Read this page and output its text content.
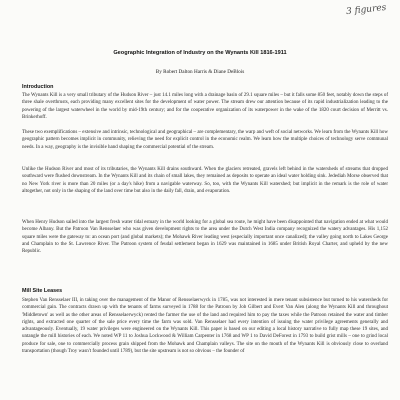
3 figures
Geographic Integration of Industry on the Wynants Kill 1816-1911
By Robert Dalton Harris & Diane DeBlois
Introduction
The Wynants Kill is a very small tributary of the Hudson River – just 14.1 miles long with a drainage basin of 29.1 square miles – but it falls some 850 feet, notably down the steps of three shale overthrusts, each providing many excellent sites for the development of water power. The stream drew our attention because of its rapid industrialization leading to the powering of the largest waterwheel in the world by mid-19th century; and for the cooperative organization of its waterpower in the wake of the 1820 court decision of Merritt vs. Brinkerhoff.
These two exemplifications – extensive and intrinsic, technological and geographical – are complementary, the warp and weft of social networks. We learn from the Wynants Kill how geographic pattern becomes implicit in community, relieving the need for explicit control in the economic realm. We learn how the multiple choices of technology serve communal needs. In a way, geography is the invisible hand shaping the commercial potential of the stream.
Unlike the Hudson River and most of its tributaries, the Wynants Kill drains southward. When the glaciers retreated, gravels left behind in the watersheds of streams that dropped southward were flushed downstream. In the Wynants Kill and its chain of small lakes, they remained as deposits to operate an ideal water holding sink. Jedediah Morse observed that no New York river is more than 20 miles (or a day's hike) from a navigable waterway. So, too, with the Wynants Kill watershed; but implicit in the remark is the role of water altogether, not only in the shaping of the land over time but also in the daily fall, drain, and evaporation.
When Henry Hudson sailed into the largest fresh water tidal estuary in the world looking for a global sea route, he might have been disappointed that navigation ended at what would become Albany. But the Patroon Van Rensselaer who was given development rights to the area under the Dutch West India company recognized the watery advantages. His 1,152 square miles were the gateway to: an ocean port (and global markets); the Mohawk River leading west (especially important once canalized); the valley going north to Lakes George and Champlain to the St. Lawrence River. The Patroon system of feudal settlement began in 1629 was maintained in 1685 under British Royal Charter, and upheld by the new Republic.
Mill Site Leases
Stephen Van Rensselaer III, in taking over the management of the Manor of Rensselaerwyck in 1785, was not interested in mere tenant subsistence but turned to his watersheds for commercial gain. The contracts drawn up with the tenants of farms surveyed in 1788 for the Patroon by Job Gilbert and Evert Van Alen (along the Wynants Kill and throughout 'Middletown' as well as the other areas of Rensselaerwyck) rented the farmer the use of the land and required him to pay the taxes while the Patroon retained the water and timber rights, and extracted one quarter of the sale price every time the farm was sold. Van Rensselaer had every intention of issuing the water privilege agreements generally and advantageously. Eventually, 19 water privileges were engineered on the Wynants Kill. This paper is based on our editing a local history narrative to fully map these 19 sites, and untangle the mill histories of each. We noted WP 11 to Joshua Lockwood & William Carpenter in 1768 and WP 1 to David DeForest in 1793 to build grist mills – one to grind local produce for sale, one to commercially process grain shipped from the Mohawk and Champlain valleys. The site on the mouth of the Wynants Kill is obviously close to overland transportation (though Troy wasn't founded until 1789), but the site upstream is not so obvious – the founder of
